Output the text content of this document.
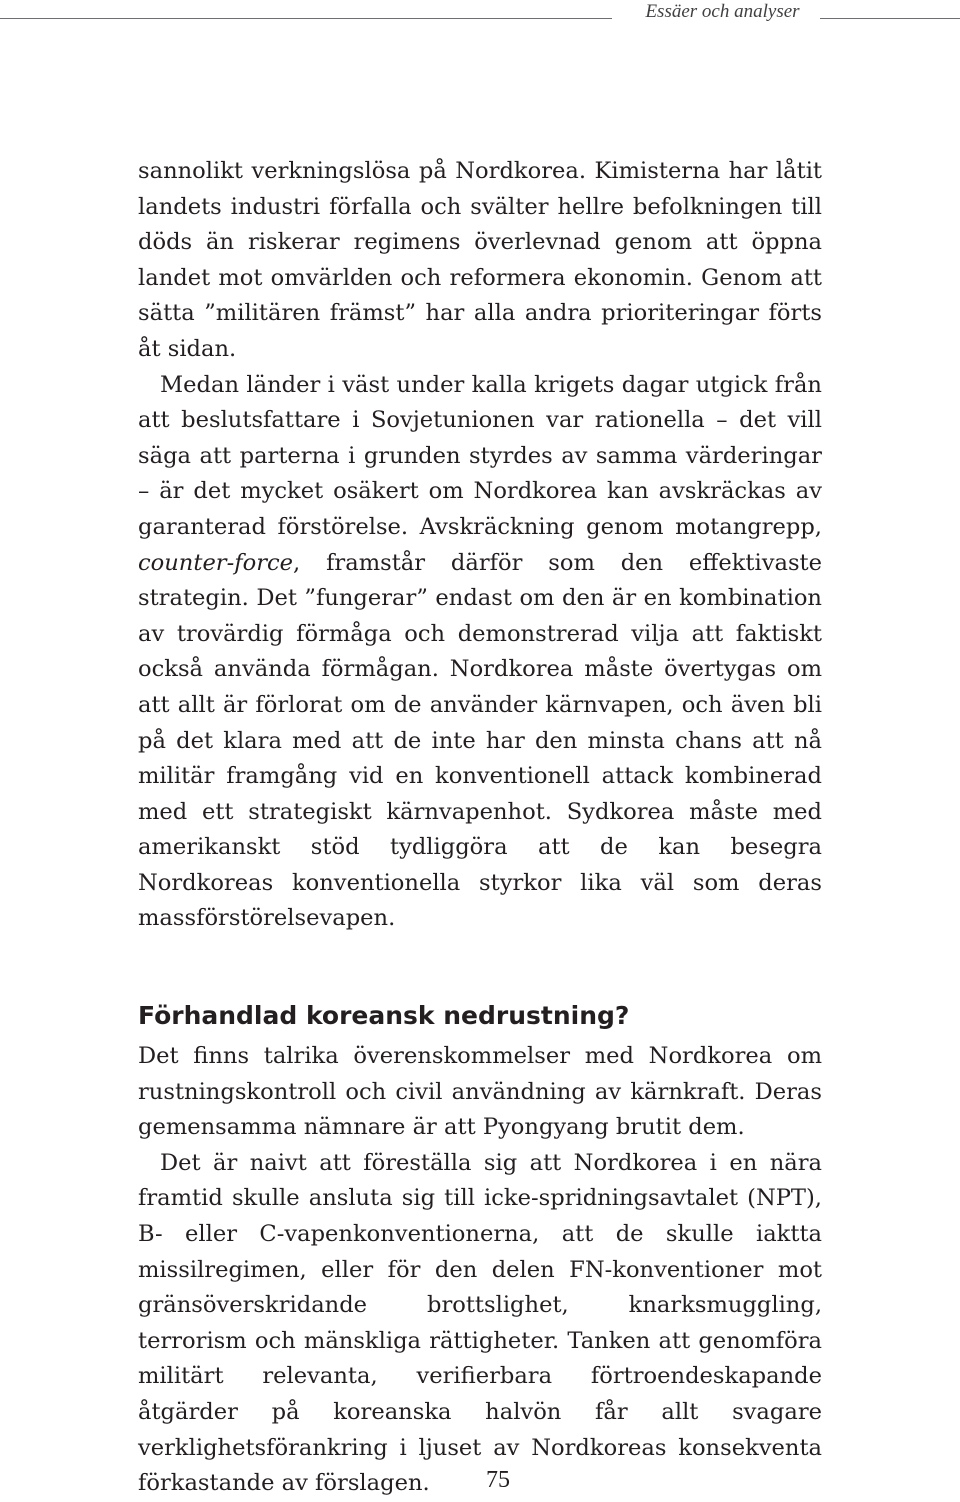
Essäer och analyser

sannolikt verkningslösa på Nordkorea. Kimisterna har låtit landets industri förfalla och svälter hellre befolkningen till döds än riskerar regimens överlevnad genom att öppna landet mot omvärlden och reformera ekonomin. Genom att sätta ”militären främst” har alla andra prioriteringar förts åt sidan.

Medan länder i väst under kalla krigets dagar utgick från att beslutsfattare i Sovjetunionen var rationella – det vill säga att parterna i grunden styrdes av samma värderingar – är det mycket osäkert om Nordkorea kan avskräckas av garanterad förstörelse. Avskräckning genom motangrepp, counter-force, framstår därför som den effektivaste strategin. Det ”fungerar” endast om den är en kombination av trovärdig förmåga och demonstrerad vilja att faktiskt också använda förmågan. Nordkorea måste övertygas om att allt är förlorat om de använder kärnvapen, och även bli på det klara med att de inte har den minsta chans att nå militär framgång vid en konventionell attack kombinerad med ett strategiskt kärnvapenhot. Sydkorea måste med amerikanskt stöd tydliggöra att de kan besegra Nordkoreas konventionella styrkor lika väl som deras massförstörelsevapen.

Förhandlad koreansk nedrustning?

Det finns talrika överenskommelser med Nordkorea om rustningskontroll och civil användning av kärnkraft. Deras gemensamma nämnare är att Pyongyang brutit dem.

Det är naivt att föreställa sig att Nordkorea i en nära framtid skulle ansluta sig till icke-spridningsavtalet (NPT), B- eller C-vapenkonventionerna, att de skulle iaktta missilregimen, eller för den delen FN-konventioner mot gränsöverskridande brottslighet, knarksmuggling, terrorism och mänskliga rättigheter. Tanken att genomföra militärt relevanta, verifierbara förtroendeskapande åtgärder på koreanska halvön får allt svagare verklighetsförankring i ljuset av Nordkoreas konsekventa förkastande av förslagen.	75
